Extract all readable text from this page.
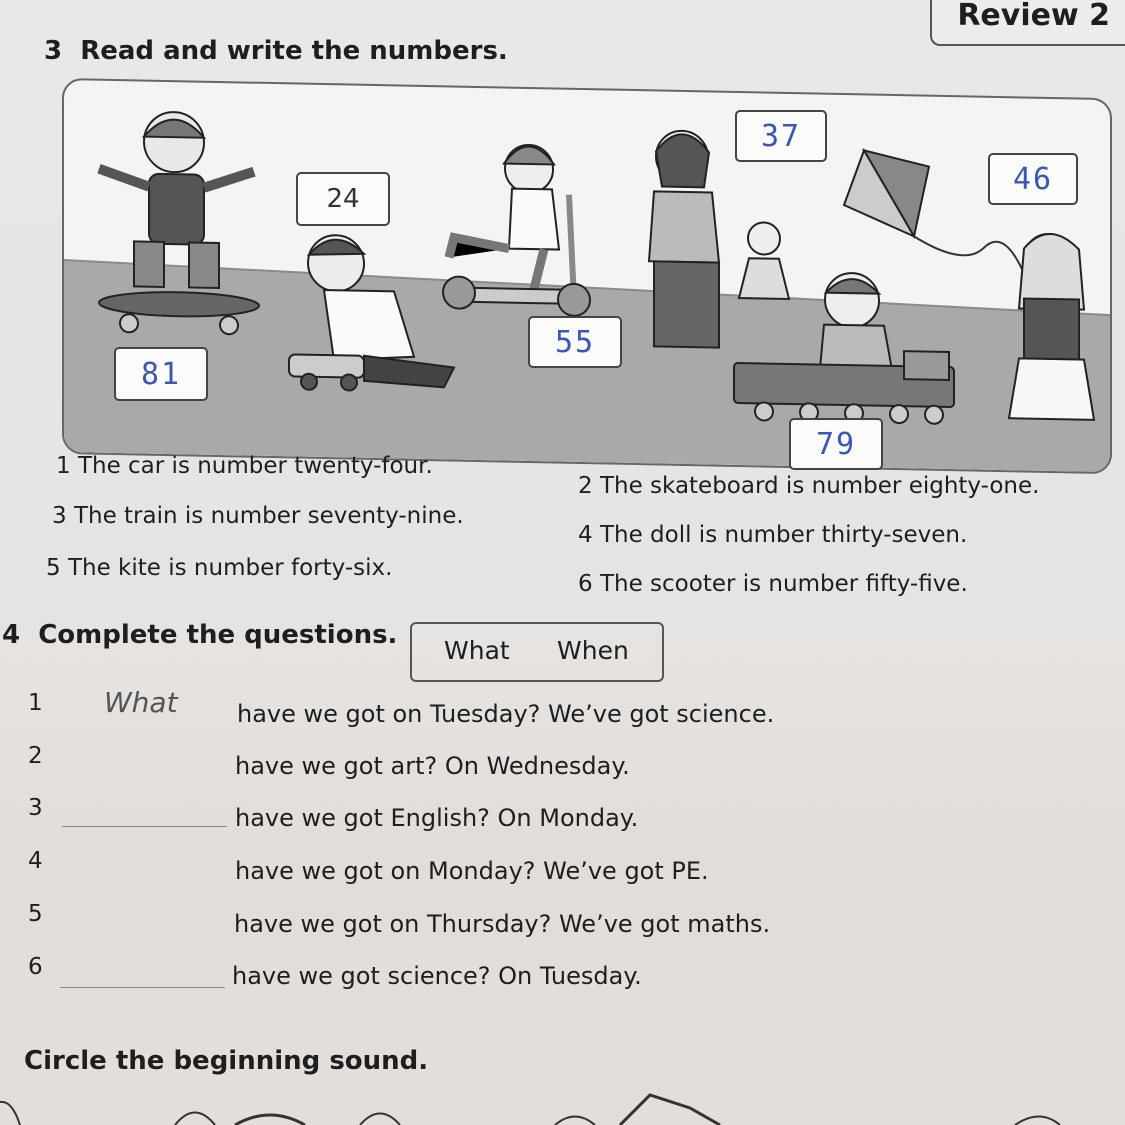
Review 2
3 Read and write the numbers.
24
37
46
81
55
79
1 The car is number twenty-four.
2 The skateboard is number eighty-one.
3 The train is number seventy-nine.
4 The doll is number thirty-seven.
5 The kite is number forty-six.
6 The scooter is number fifty-five.
4 Complete the questions.
What When
1 What have we got on Tuesday? We’ve got science.
2	have we got art? On Wednesday.
3	have we got English? On Monday.
4	have we got on Monday? We’ve got PE.
5	have we got on Thursday? We’ve got maths.
6	have we got science? On Tuesday.
Circle the beginning sound.
